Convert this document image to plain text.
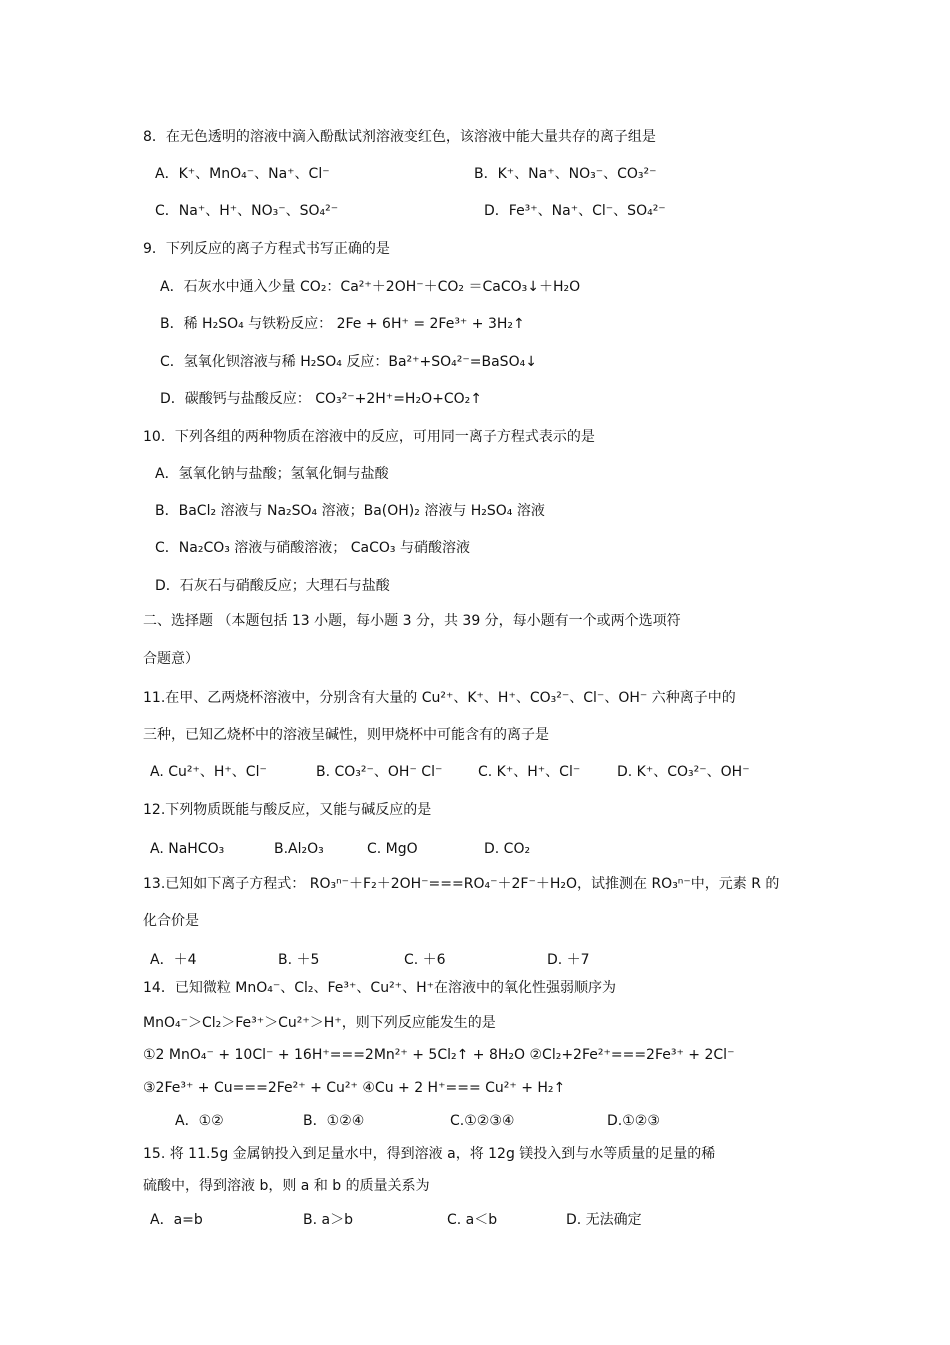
8．在无色透明的溶液中滴入酚酞试剂溶液变红色，该溶液中能大量共存的离子组是
A．K⁺、MnO₄⁻、Na⁺、Cl⁻	B．K⁺、Na⁺、NO₃⁻、CO₃²⁻
C．Na⁺、H⁺、NO₃⁻、SO₄²⁻	D．Fe³⁺、Na⁺、Cl⁻、SO₄²⁻
9．下列反应的离子方程式书写正确的是
A．石灰水中通入少量 CO₂：Ca²⁺＋2OH⁻＋CO₂ ＝CaCO₃↓＋H₂O
B．稀 H₂SO₄ 与铁粉反应： 2Fe + 6H⁺ = 2Fe³⁺ + 3H₂↑
C．氢氧化钡溶液与稀 H₂SO₄ 反应：Ba²⁺+SO₄²⁻=BaSO₄↓
D．碳酸钙与盐酸反应： CO₃²⁻+2H⁺=H₂O+CO₂↑
10．下列各组的两种物质在溶液中的反应，可用同一离子方程式表示的是
A．氢氧化钠与盐酸；氢氧化铜与盐酸
B．BaCl₂ 溶液与 Na₂SO₄ 溶液；Ba(OH)₂ 溶液与 H₂SO₄ 溶液
C．Na₂CO₃ 溶液与硝酸溶液； CaCO₃ 与硝酸溶液
D．石灰石与硝酸反应；大理石与盐酸
二、选择题 （本题包括 13 小题，每小题 3 分，共 39 分，每小题有一个或两个选项符
合题意）
11.在甲、乙两烧杯溶液中，分别含有大量的 Cu²⁺、K⁺、H⁺、CO₃²⁻、Cl⁻、OH⁻ 六种离子中的
三种，已知乙烧杯中的溶液呈碱性，则甲烧杯中可能含有的离子是
A. Cu²⁺、H⁺、Cl⁻	B. CO₃²⁻、OH⁻ Cl⁻	C. K⁺、H⁺、Cl⁻	D. K⁺、CO₃²⁻、OH⁻
12.下列物质既能与酸反应，又能与碱反应的是
A. NaHCO₃	B.Al₂O₃	C. MgO	D. CO₂
13.已知如下离子方程式： RO₃ⁿ⁻＋F₂＋2OH⁻===RO₄⁻＋2F⁻＋H₂O，试推测在 RO₃ⁿ⁻中，元素 R 的
化合价是
A．＋4	B. ＋5	C. ＋6	D. ＋7
14．已知微粒 MnO₄⁻、Cl₂、Fe³⁺、Cu²⁺、H⁺在溶液中的氧化性强弱顺序为
MnO₄⁻＞Cl₂＞Fe³⁺＞Cu²⁺＞H⁺，则下列反应能发生的是
①2 MnO₄⁻ + 10Cl⁻ + 16H⁺===2Mn²⁺ + 5Cl₂↑ + 8H₂O ②Cl₂+2Fe²⁺===2Fe³⁺ + 2Cl⁻
③2Fe³⁺ + Cu===2Fe²⁺ + Cu²⁺ ④Cu + 2 H⁺=== Cu²⁺ + H₂↑
A．①②	B．①②④	C.①②③④	D.①②③
15. 将 11.5g 金属钠投入到足量水中，得到溶液 a，将 12g 镁投入到与水等质量的足量的稀
硫酸中，得到溶液 b，则 a 和 b 的质量关系为
A．a=b	B. a＞b	C. a＜b	D. 无法确定
